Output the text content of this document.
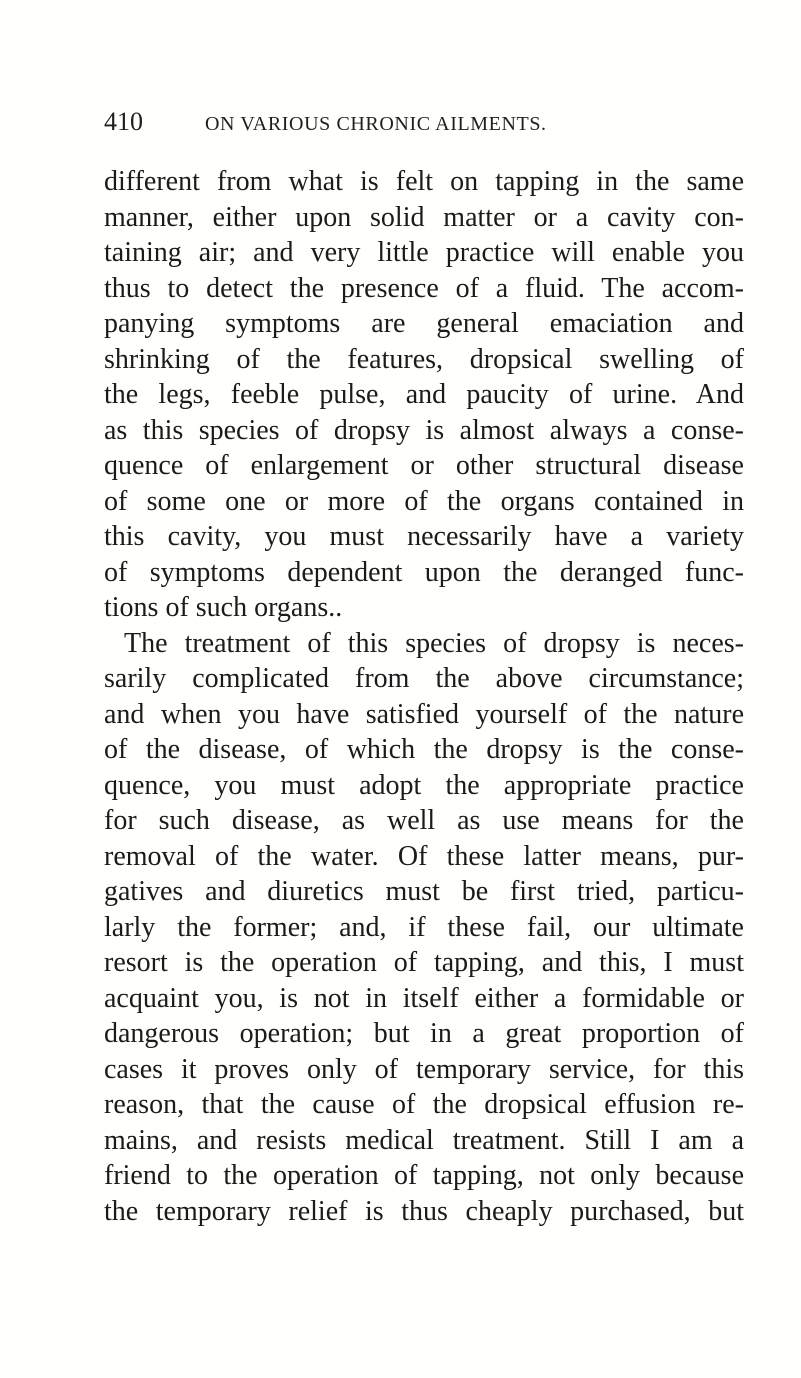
410	ON VARIOUS CHRONIC AILMENTS.
different from what is felt on tapping in the same
manner, either upon solid matter or a cavity con-
taining air; and very little practice will enable you
thus to detect the presence of a fluid. The accom-
panying symptoms are general emaciation and
shrinking of the features, dropsical swelling of
the legs, feeble pulse, and paucity of urine. And
as this species of dropsy is almost always a conse-
quence of enlargement or other structural disease
of some one or more of the organs contained in
this cavity, you must necessarily have a variety
of symptoms dependent upon the deranged func-
tions of such organs..
The treatment of this species of dropsy is neces-
sarily complicated from the above circumstance;
and when you have satisfied yourself of the nature
of the disease, of which the dropsy is the conse-
quence, you must adopt the appropriate practice
for such disease, as well as use means for the
removal of the water. Of these latter means, pur-
gatives and diuretics must be first tried, particu-
larly the former; and, if these fail, our ultimate
resort is the operation of tapping, and this, I must
acquaint you, is not in itself either a formidable or
dangerous operation; but in a great proportion of
cases it proves only of temporary service, for this
reason, that the cause of the dropsical effusion re-
mains, and resists medical treatment. Still I am a
friend to the operation of tapping, not only because
the temporary relief is thus cheaply purchased, but
